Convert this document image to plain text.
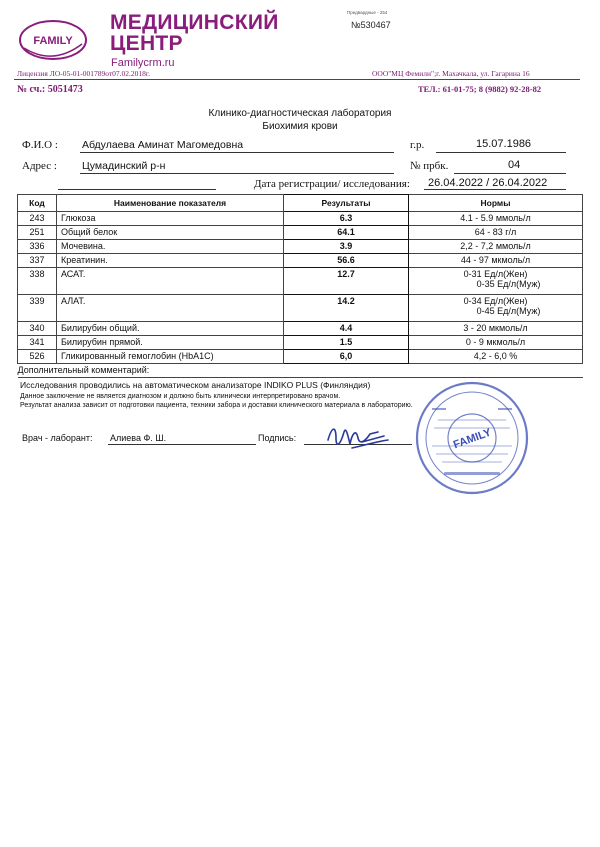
FAMILY
МЕДИЦИНСКИЙ
ЦЕНТР
Familycrm.ru
Предвардные - 254
№530467
Лицензия ЛО-05-01-001789от07.02.2018г.	ООО"МЦ Фемили";г. Махачкала, ул. Гагарина 16
№ сч.: 5051473	ТЕЛ.: 61-01-75; 8 (9882) 92-28-82
Клинико-диагностическая лаборатория
Биохимия крови
Ф.И.О : Абдулаева Аминат Магомедовна	г.р.	15.07.1986
Адрес : Цумадинский р-н	№ прбк.	04
Дата регистрации/ исследования: 26.04.2022 / 26.04.2022
Код	Наименование показателя	Результаты	Нормы
243	Глюкоза	6.3	4.1 - 5.9 ммоль/л
251	Общий белок	64.1	64 - 83 г/л
336	Мочевина.	3.9	2,2 - 7,2 ммоль/л
337	Креатинин.	56.6	44 - 97 мкмоль/л
338	АСАТ.	12.7	0-31 Ед/л(Жен)
0-35 Ед/л(Муж)

339	АЛАТ.	14.2	0-34 Ед/л(Жен)
0-45 Ед/л(Муж)

340	Билирубин общий.	4.4	3 - 20 мкмоль/л
341	Билирубин прямой.	1.5	0 - 9 мкмоль/л
526	Гликированный гемоглобин (HbA1C)	6,0	4,2 - 6,0 %
Дополнительный комментарий:			
Исследования проводились на автоматическом анализаторе INDIKO PLUS (Финляндия)
Данное заключение не является диагнозом и должно быть клинически интерпретировано врачом.
Результат анализа зависит от подготовки пациента, техники забора и доставки клинического материала в лабораторию.
FAMILY
Врач - лаборант: Алиева Ф. Ш.	Подпись:
